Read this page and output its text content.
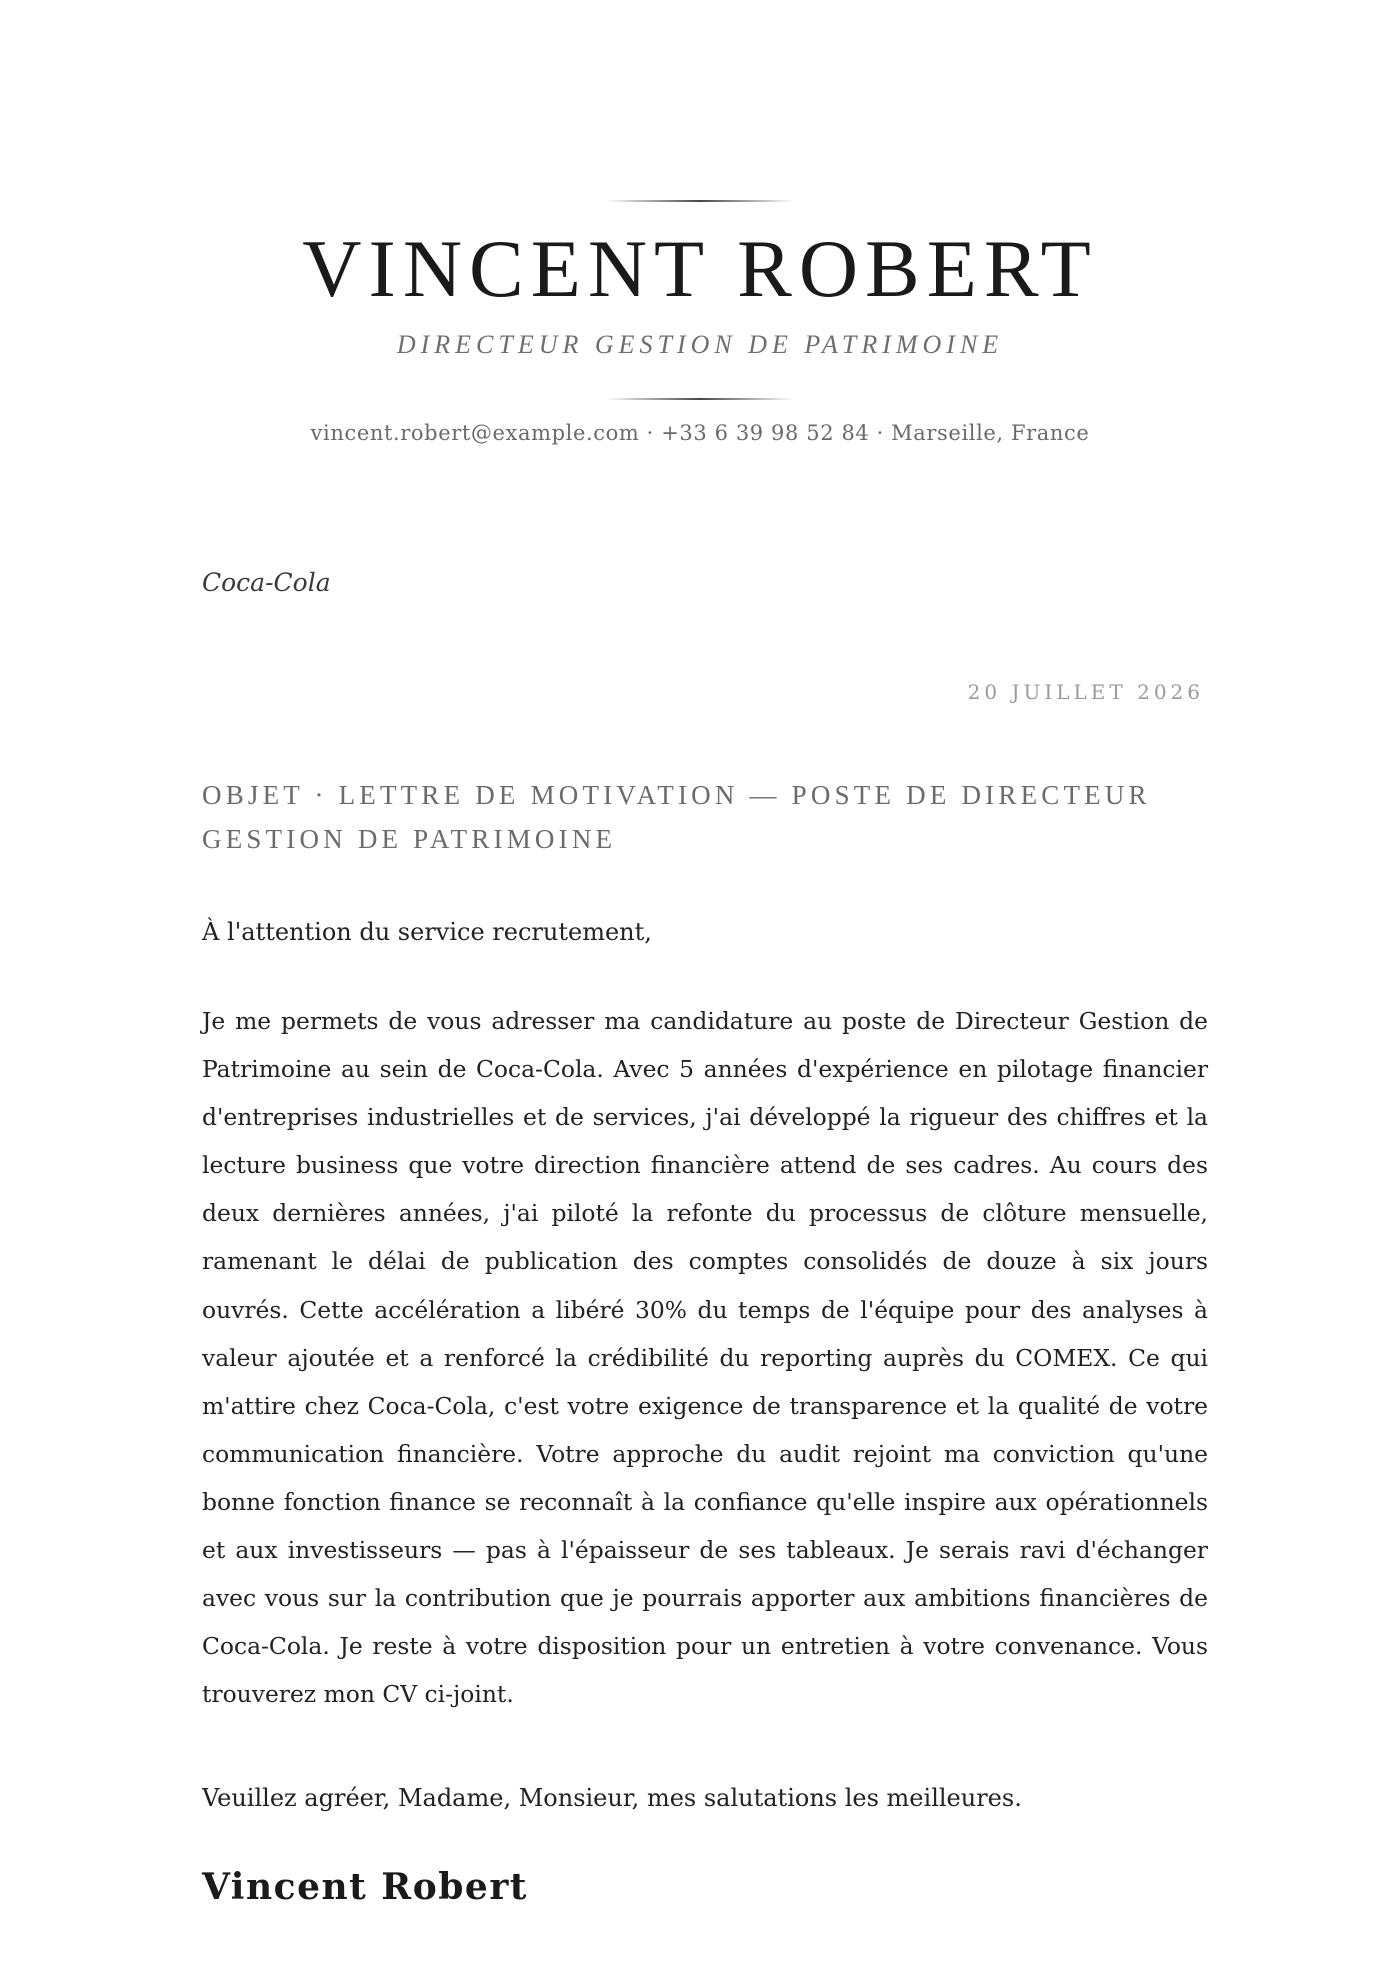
VINCENT ROBERT
DIRECTEUR GESTION DE PATRIMOINE
vincent.robert@example.com · +33 6 39 98 52 84 · Marseille, France
Coca-Cola
20 JUILLET 2026
OBJET · LETTRE DE MOTIVATION — POSTE DE DIRECTEUR GESTION DE PATRIMOINE
À l'attention du service recrutement,
Je me permets de vous adresser ma candidature au poste de Directeur Gestion de Patrimoine au sein de Coca-Cola. Avec 5 années d'expérience en pilotage financier d'entreprises industrielles et de services, j'ai développé la rigueur des chiffres et la lecture business que votre direction financière attend de ses cadres. Au cours des deux dernières années, j'ai piloté la refonte du processus de clôture mensuelle, ramenant le délai de publication des comptes consolidés de douze à six jours ouvrés. Cette accélération a libéré 30% du temps de l'équipe pour des analyses à valeur ajoutée et a renforcé la crédibilité du reporting auprès du COMEX. Ce qui m'attire chez Coca-Cola, c'est votre exigence de transparence et la qualité de votre communication financière. Votre approche du audit rejoint ma conviction qu'une bonne fonction finance se reconnaît à la confiance qu'elle inspire aux opérationnels et aux investisseurs — pas à l'épaisseur de ses tableaux. Je serais ravi d'échanger avec vous sur la contribution que je pourrais apporter aux ambitions financières de Coca-Cola. Je reste à votre disposition pour un entretien à votre convenance. Vous trouverez mon CV ci-joint.
Veuillez agréer, Madame, Monsieur, mes salutations les meilleures.
Vincent Robert
